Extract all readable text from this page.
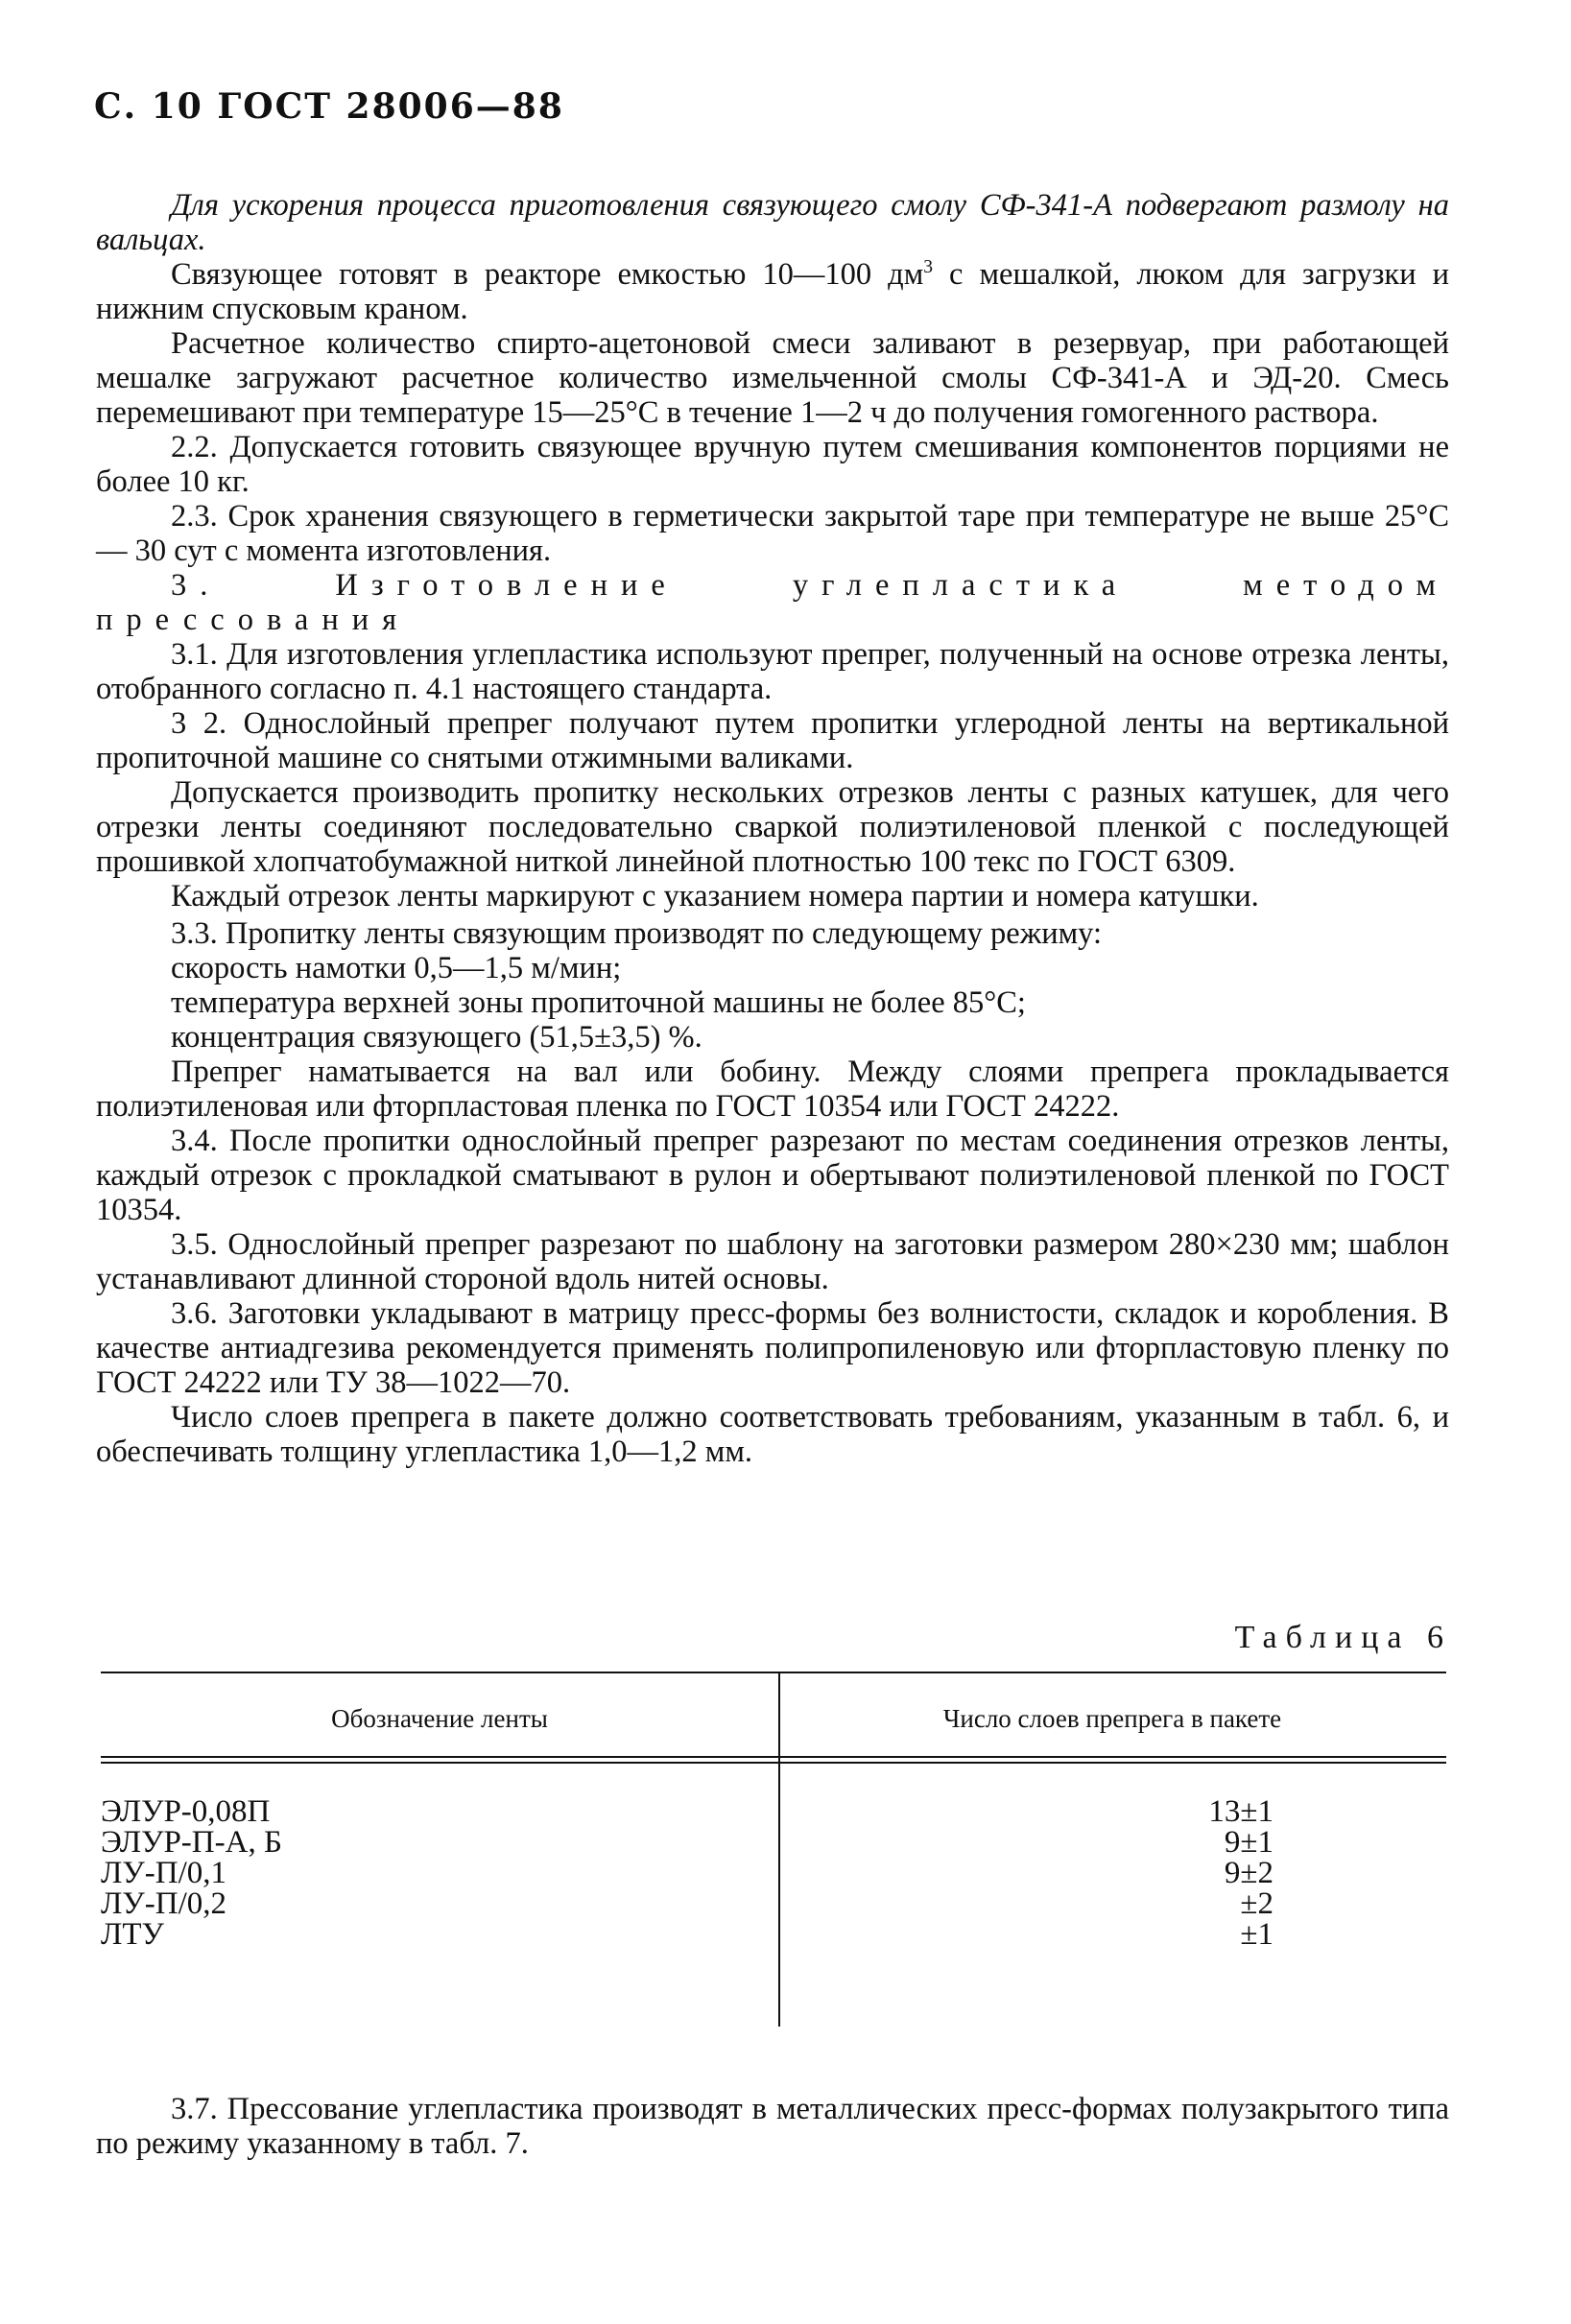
С. 10 ГОСТ 28006—88

Для ускорения процесса приготовления связующего смолу СФ-341-А подвергают размолу на вальцах.

Связующее готовят в реакторе емкостью 10—100 $дм^3$ с мешалкой, люком для загрузки и нижним спусковым краном.

Расчетное количество спирто-ацетоновой смеси заливают в резервуар, при работающей мешалке загружают расчетное количество измельченной смолы СФ-341-А и ЭД-20. Смесь перемешивают при температуре 15—25°С в течение 1—2 ч до получения гомогенного раствора.

2.2. Допускается готовить связующее вручную путем смешивания компонентов порциями не более 10 кг.

2.3. Срок хранения связующего в герметически закрытой таре при температуре не выше 25°С — 30 сут с момента изготовления.

3. Изготовление углепластика методом прессования

3.1. Для изготовления углепластика используют препрег, полученный на основе отрезка ленты, отобранного согласно п. 4.1 настоящего стандарта.

3 2. Однослойный препрег получают путем пропитки углеродной ленты на вертикальной пропиточной машине со снятыми отжимными валиками.

Допускается производить пропитку нескольких отрезков ленты с разных катушек, для чего отрезки ленты соединяют последовательно сваркой полиэтиленовой пленкой с последующей прошивкой хлопчатобумажной ниткой линейной плотностью 100 текс по ГОСТ 6309.

Каждый отрезок ленты маркируют с указанием номера партии и номера катушки.

3.3. Пропитку ленты связующим производят по следующему режиму:

скорость намотки 0,5—1,5 м/мин;

температура верхней зоны пропиточной машины не более 85°С;

концентрация связующего (51,5±3,5) %.

Препрег наматывается на вал или бобину. Между слоями препрега прокладывается полиэтиленовая или фторпластовая пленка по ГОСТ 10354 или ГОСТ 24222.

3.4. После пропитки однослойный препрег разрезают по местам соединения отрезков ленты, каждый отрезок с прокладкой сматывают в рулон и обертывают полиэтиленовой пленкой по ГОСТ 10354.

3.5. Однослойный препрег разрезают по шаблону на заготовки размером 280×230 мм; шаблон устанавливают длинной стороной вдоль нитей основы.

3.6. Заготовки укладывают в матрицу пресс-формы без волнистости, складок и коробления. В качестве антиадгезива рекомендуется применять полипропиленовую или фторпластовую пленку по ГОСТ 24222 или ТУ 38—1022—70.

Число слоев препрега в пакете должно соответствовать требованиям, указанным в табл. 6, и обеспечивать толщину углепластика 1,0—1,2 мм.

Таблица 6
Обозначение ленты	Число слоев препрега в пакете
ЭЛУР-0,08П
ЭЛУР-П-А, Б
ЛУ-П/0,1
ЛУ-П/0,2
ЛТУ
13±1
9±1
9±2
±2
±1

3.7. Прессование углепластика производят в металлических пресс-формах полузакрытого типа по режиму указанному в табл. 7.
